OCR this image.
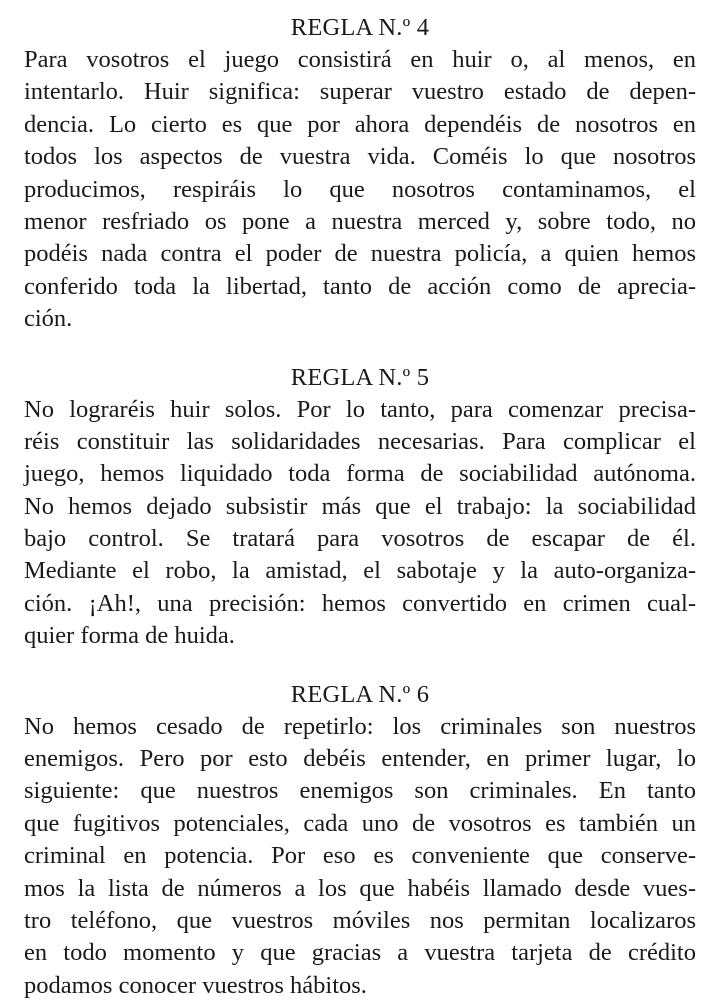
REGLA N.º 4
Para vosotros el juego consistirá en huir o, al menos, en
intentarlo. Huir significa: superar vuestro estado de depen-
dencia. Lo cierto es que por ahora dependéis de nosotros en
todos los aspectos de vuestra vida. Coméis lo que nosotros
producimos, respiráis lo que nosotros contaminamos, el
menor resfriado os pone a nuestra merced y, sobre todo, no
podéis nada contra el poder de nuestra policía, a quien hemos
conferido toda la libertad, tanto de acción como de aprecia-
ción.
REGLA N.º 5
No lograréis huir solos. Por lo tanto, para comenzar precisa-
réis constituir las solidaridades necesarias. Para complicar el
juego, hemos liquidado toda forma de sociabilidad autónoma.
No hemos dejado subsistir más que el trabajo: la sociabilidad
bajo control. Se tratará para vosotros de escapar de él.
Mediante el robo, la amistad, el sabotaje y la auto-organiza-
ción. ¡Ah!, una precisión: hemos convertido en crimen cual-
quier forma de huida.
REGLA N.º 6
No hemos cesado de repetirlo: los criminales son nuestros
enemigos. Pero por esto debéis entender, en primer lugar, lo
siguiente: que nuestros enemigos son criminales. En tanto
que fugitivos potenciales, cada uno de vosotros es también un
criminal en potencia. Por eso es conveniente que conserve-
mos la lista de números a los que habéis llamado desde vues-
tro teléfono, que vuestros móviles nos permitan localizaros
en todo momento y que gracias a vuestra tarjeta de crédito
podamos conocer vuestros hábitos.
